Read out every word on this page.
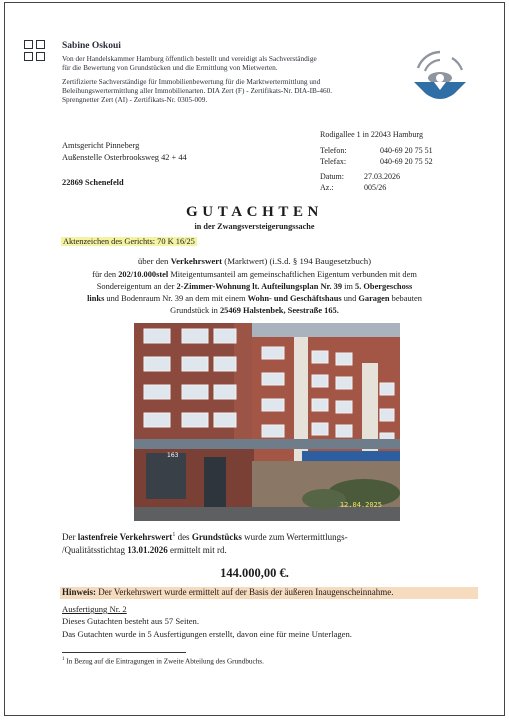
Sabine Oskoui
Von der Handelskammer Hamburg öffentlich bestellt und vereidigt als Sachverständige
für die Bewertung von Grundstücken und die Ermittlung von Mietwerten.
Zertifizierte Sachverständige für Immobilienbewertung für die Marktwertermittlung und
Beleihungswertermittlung aller Immobilienarten. DIA Zert (F) - Zertifikats-Nr. DIA-IB-460.
Sprengnetter Zert (AI) - Zertifikats-Nr. 0305-009.
Amtsgericht Pinneberg
Außenstelle Osterbrooksweg 42 + 44
22869 Schenefeld
Rodigallee 1 in 22043 Hamburg
Telefon:	040-69 20 75 51
Telefax:	040-69 20 75 52
Datum:	27.03.2026
Az.:	005/26
GUTACHTEN
in der Zwangsversteigerungssache
Aktenzeichen des Gerichts: 70 K 16/25
über den Verkehrswert (Marktwert) (i.S.d. § 194 Baugesetzbuch)
für den 202/10.000stel Miteigentumsanteil am gemeinschaftlichen Eigentum verbunden mit dem
Sondereigentum an der 2-Zimmer-Wohnung lt. Aufteilungsplan Nr. 39 im 5. Obergeschoss
links und Bodenraum Nr. 39 an dem mit einem Wohn- und Geschäftshaus und Garagen bebauten
Grundstück in 25469 Halstenbek, Seestraße 165.
163
12.04.2025
Der lastenfreie Verkehrswert$^1$ des Grundstücks wurde zum Wertermittlungs-
/Qualitätsstichtag 13.01.2026 ermittelt mit rd.
144.000,00 €.
Hinweis: Der Verkehrswert wurde ermittelt auf der Basis der äußeren Inaugenscheinnahme.
Ausfertigung Nr. 2
Dieses Gutachten besteht aus 57 Seiten.
Das Gutachten wurde in 5 Ausfertigungen erstellt, davon eine für meine Unterlagen.
$^1$ In Bezug auf die Eintragungen in Zweite Abteilung des Grundbuchs.
